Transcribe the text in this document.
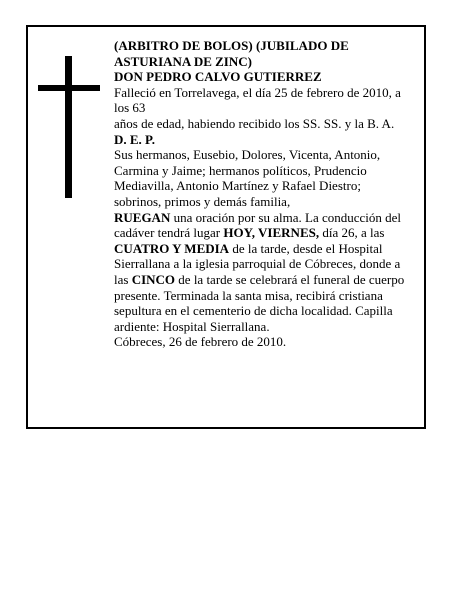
(ARBITRO DE BOLOS) (JUBILADO DE
ASTURIANA DE ZINC)
DON PEDRO CALVO GUTIERREZ
Falleció en Torrelavega, el día 25 de febrero de 2010, a
los 63
años de edad, habiendo recibido los SS. SS. y la B. A.
D. E. P.
Sus hermanos, Eusebio, Dolores, Vicenta, Antonio,
Carmina y Jaime; hermanos políticos, Prudencio
Mediavilla, Antonio Martínez y Rafael Diestro;
sobrinos, primos y demás familia,
RUEGAN una oración por su alma. La conducción del
cadáver tendrá lugar HOY, VIERNES, día 26, a las
CUATRO Y MEDIA de la tarde, desde el Hospital
Sierrallana a la iglesia parroquial de Cóbreces, donde a
las CINCO de la tarde se celebrará el funeral de cuerpo
presente. Terminada la santa misa, recibirá cristiana
sepultura en el cementerio de dicha localidad. Capilla
ardiente: Hospital Sierrallana.
Cóbreces, 26 de febrero de 2010.
